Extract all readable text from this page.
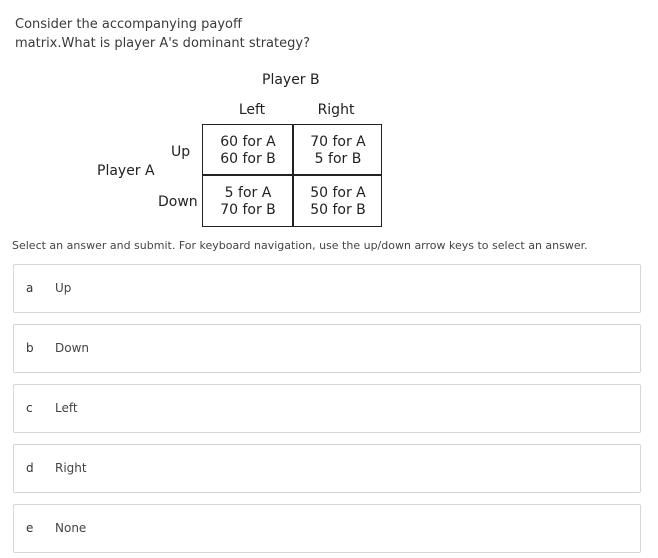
Consider the accompanying payoff
matrix.What is player A's dominant strategy?
Player B
Left	Right
Up
Down
Player A
60 for A
60 for B
70 for A
5 for B
5 for A
70 for B
50 for A
50 for B
Select an answer and submit. For keyboard navigation, use the up/down arrow keys to select an answer.
a Up
b Down
c Left
d Right
e None
